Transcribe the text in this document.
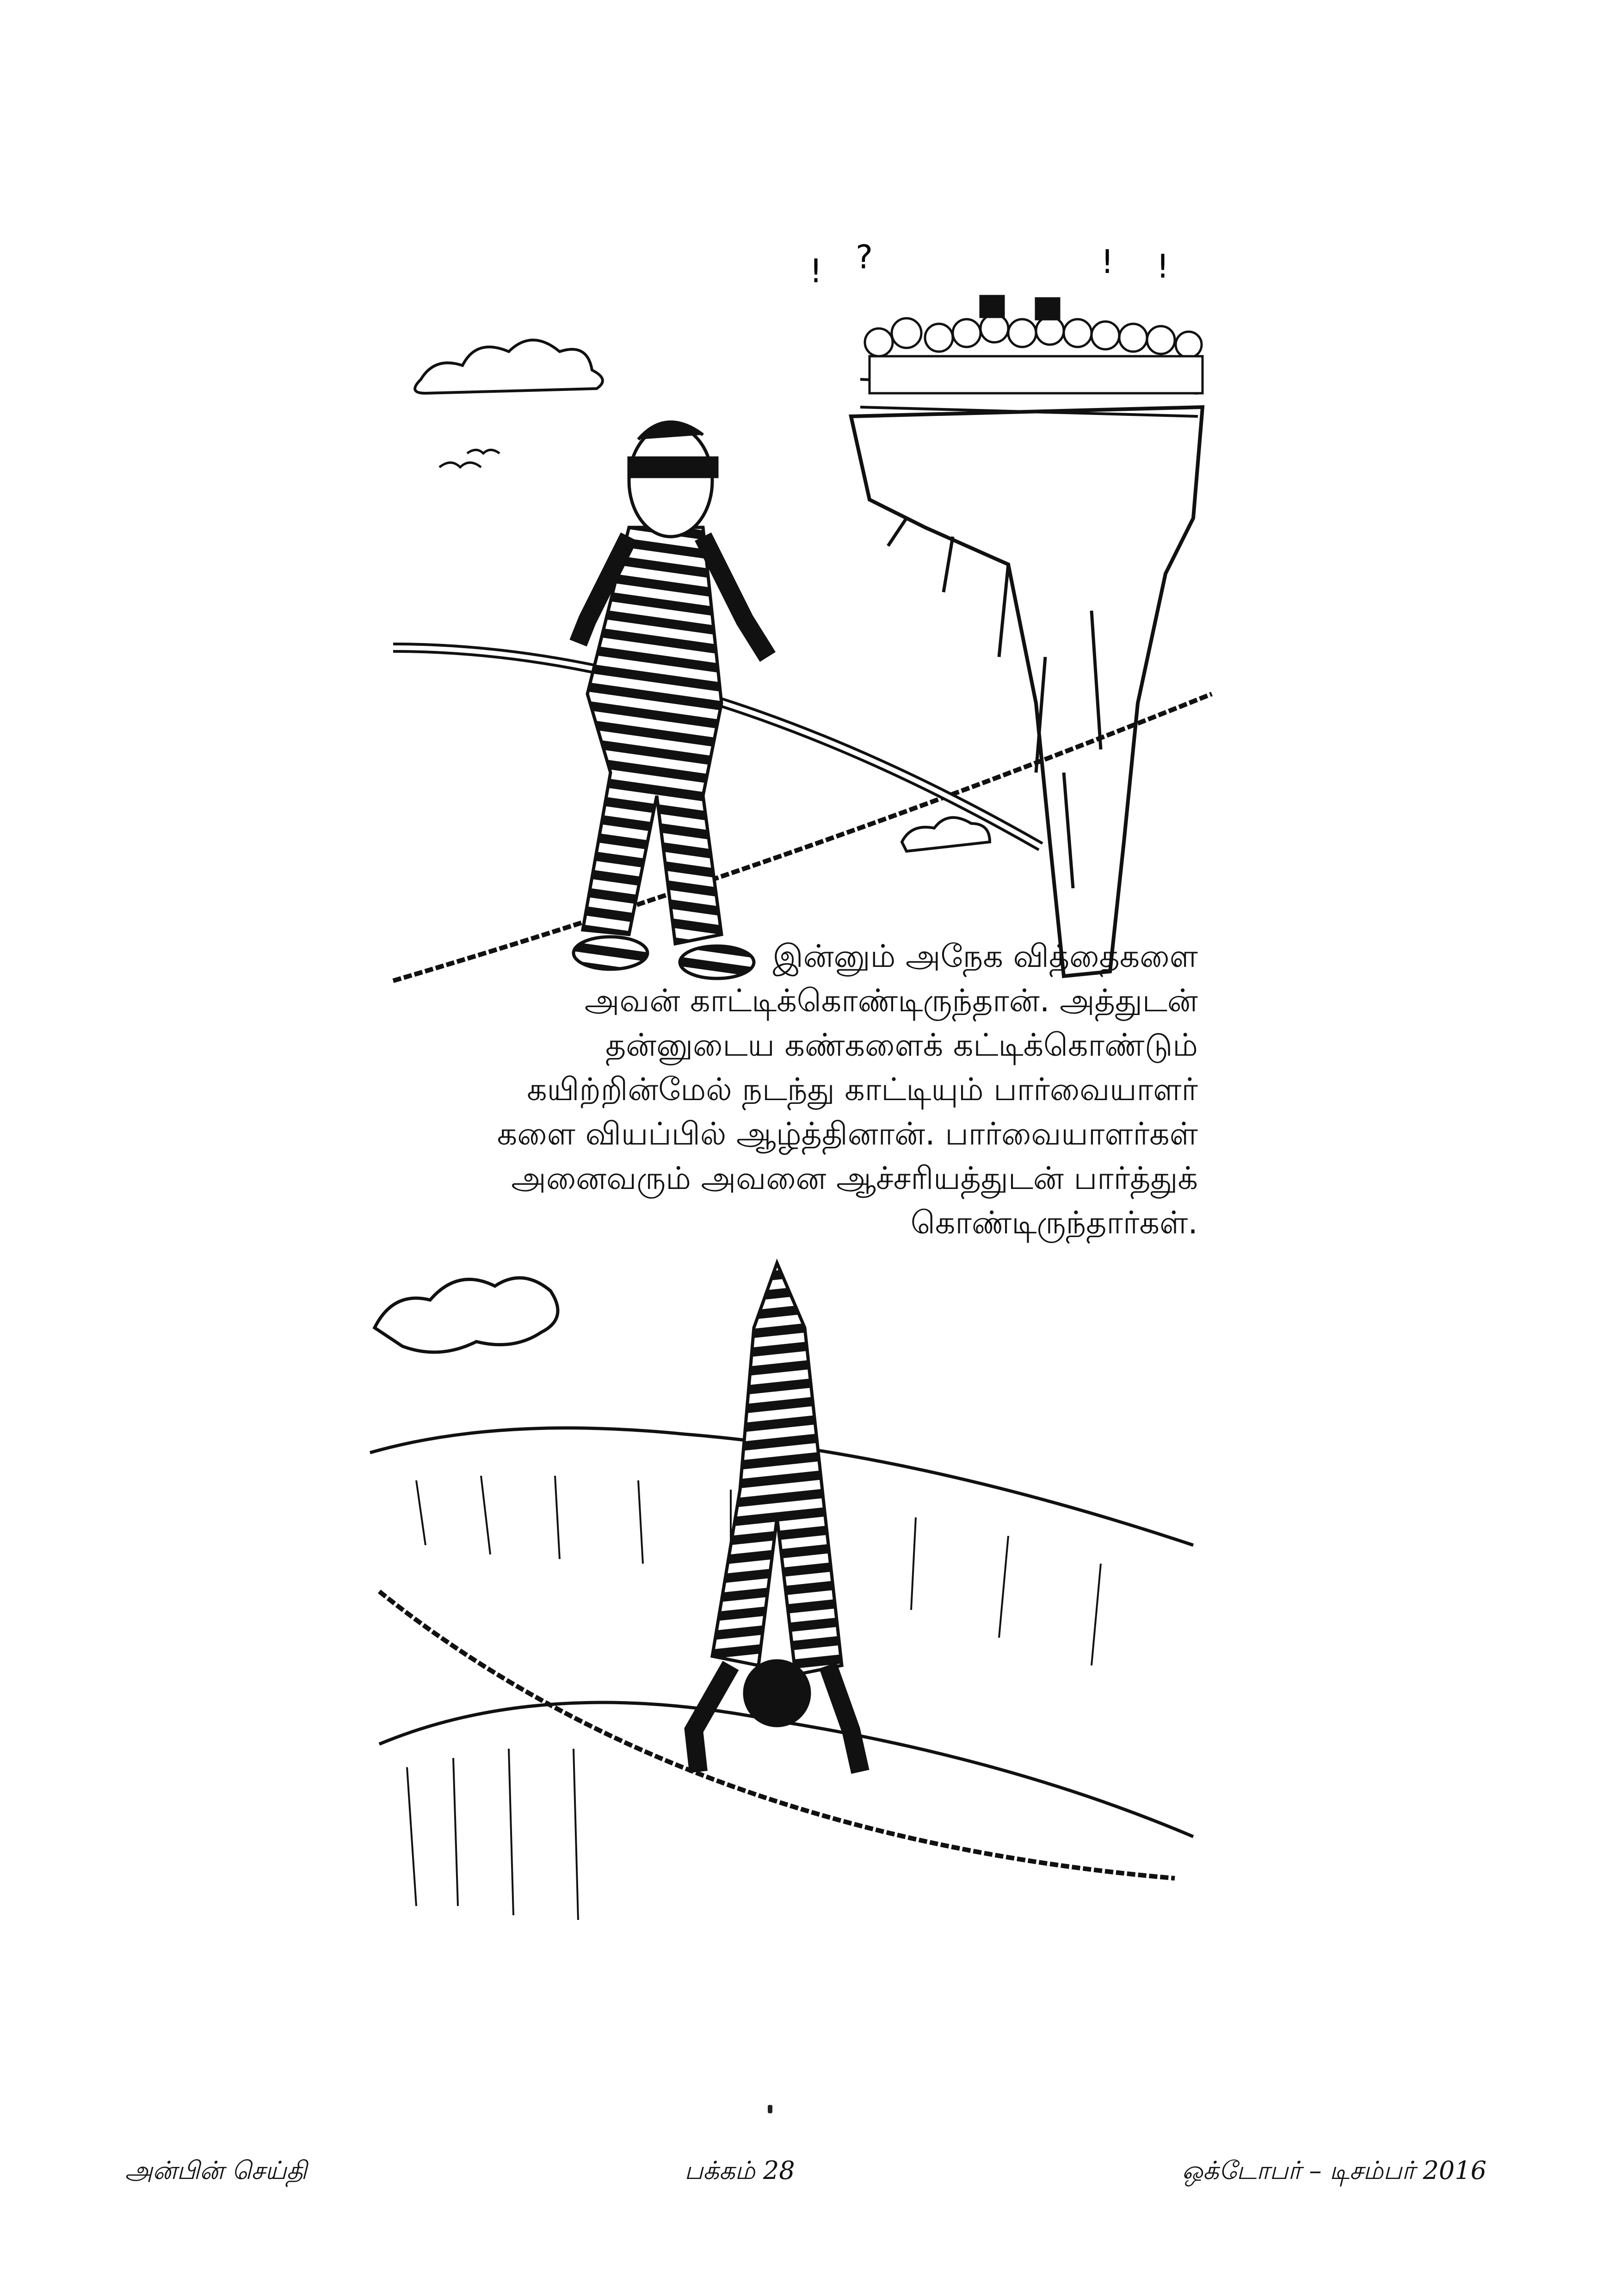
! ?	! !
இன்னும் அநேக வித்தைகளை
அவன் காட்டிக்கொண்டிருந்தான். அத்துடன்
தன்னுடைய கண்களைக் கட்டிக்கொண்டும்
கயிற்றின்மேல் நடந்து காட்டியும் பார்வையாளர்
களை வியப்பில் ஆழ்த்தினான். பார்வையாளர்கள்
அனைவரும் அவனை ஆச்சரியத்துடன் பார்த்துக்
கொண்டிருந்தார்கள்.
அன்பின் செய்தி	பக்கம் 28	ஒக்டோபர் – டிசம்பர் 2016
